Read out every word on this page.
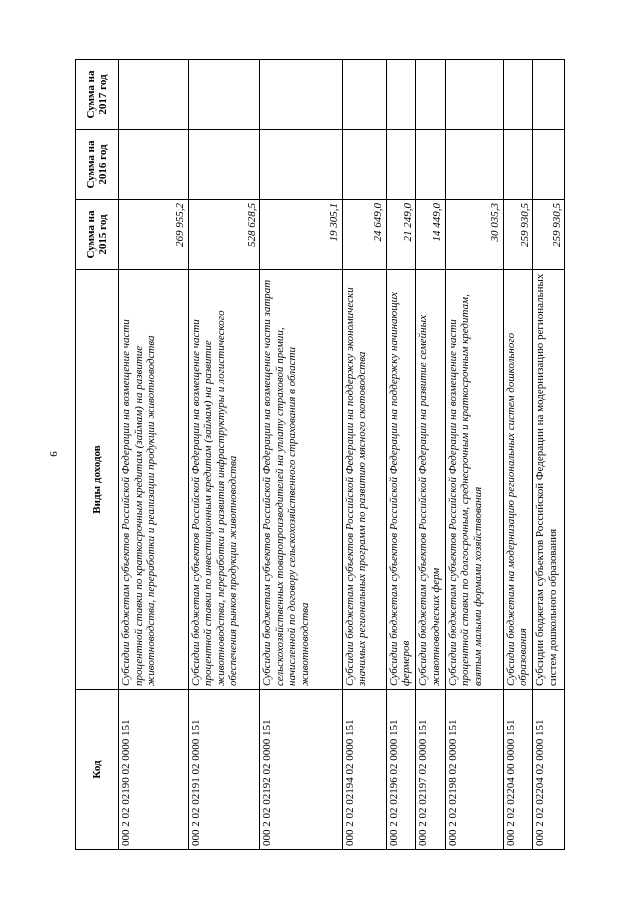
9
Код	Виды доходов	Сумма на 2015 год	Сумма на 2016 год	Сумма на 2017 год
000 2 02 02190 02 0000 151	Субсидии бюджетам субъектов Российской Федерации на возмещение части процентной ставки по краткосрочным кредитам (займам) на развитие животноводства, переработки и реализации продукции животноводства	269 955,2		
000 2 02 02191 02 0000 151	Субсидии бюджетам субъектов Российской Федерации на возмещение части процентной ставки по инвестиционным кредитам (займам) на развитие животноводства, переработки и развития инфраструктуры и логистического обеспечения рынков продукции животноводства	528 628,5		
000 2 02 02192 02 0000 151	Субсидии бюджетам субъектов Российской Федерации на возмещение части затрат сельскохозяйственных товаропроизводителей на уплату страховой премии, начисленной по договору сельскохозяйственного страхования в области животноводства	19 305,1		
000 2 02 02194 02 0000 151	Субсидии бюджетам субъектов Российской Федерации на поддержку экономически значимых региональных программ по развитию мясного скотоводства	24 649,0		
000 2 02 02196 02 0000 151	Субсидии бюджетам субъектов Российской Федерации на поддержку начинающих фермеров	21 249,0		
000 2 02 02197 02 0000 151	Субсидии бюджетам субъектов Российской Федерации на развитие семейных животноводческих ферм	14 449,0		
000 2 02 02198 02 0000 151	Субсидии бюджетам субъектов Российской Федерации на возмещение части процентной ставки по долгосрочным, среднесрочным и краткосрочным кредитам, взятым малыми формами хозяйствования	30 035,3		
000 2 02 02204 00 0000 151	Субсидии бюджетам на модернизацию региональных систем дошкольного образования	259 930,5		
000 2 02 02204 02 0000 151	Субсидии бюджетам субъектов Российской Федерации на модернизацию региональных систем дошкольного образования	259 930,5		
